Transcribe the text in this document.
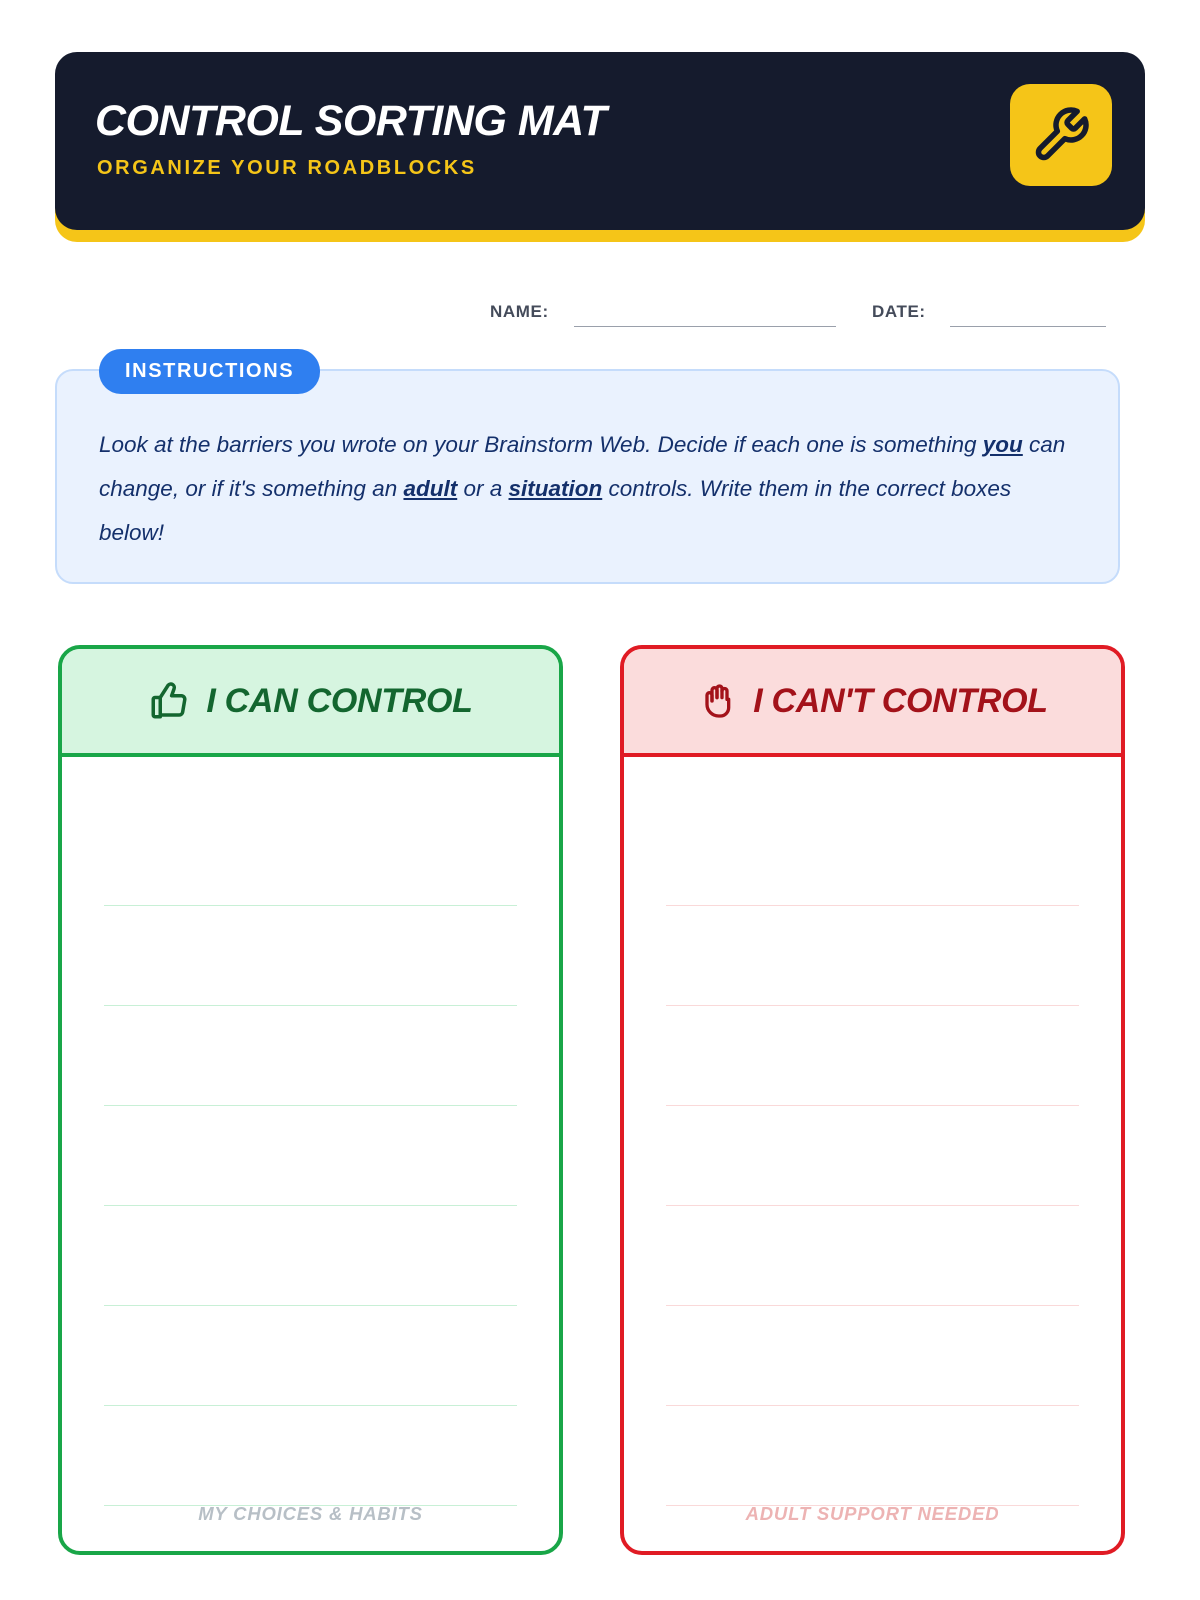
CONTROL SORTING MAT
ORGANIZE YOUR ROADBLOCKS
NAME:	DATE:
INSTRUCTIONS
Look at the barriers you wrote on your Brainstorm Web. Decide if each one is something you can change, or if it's something an adult or a situation controls. Write them in the correct boxes below!
I CAN CONTROL
MY CHOICES & HABITS
I CAN'T CONTROL
ADULT SUPPORT NEEDED
